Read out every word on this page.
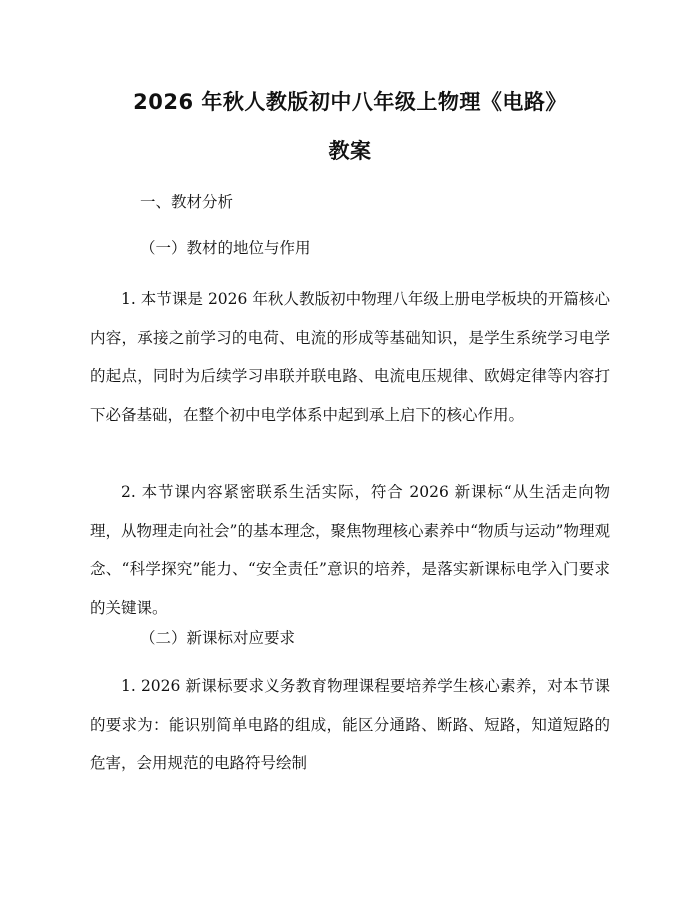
2026 年秋人教版初中八年级上物理《电路》
教案
一、教材分析
（一）教材的地位与作用

1. 本节课是 2026 年秋人教版初中物理八年级上册电学板块的开篇核心内容，承接之前学习的电荷、电流的形成等基础知识，是学生系统学习电学的起点，同时为后续学习串联并联电路、电流电压规律、欧姆定律等内容打下必备基础，在整个初中电学体系中起到承上启下的核心作用。

2. 本节课内容紧密联系生活实际，符合 2026 新课标“从生活走向物理，从物理走向社会”的基本理念，聚焦物理核心素养中“物质与运动”物理观念、“科学探究”能力、“安全责任”意识的培养，是落实新课标电学入门要求的关键课。

（二）新课标对应要求

1. 2026 新课标要求义务教育物理课程要培养学生核心素养，对本节课的要求为：能识别简单电路的组成，能区分通路、断路、短路，知道短路的危害，会用规范的电路符号绘制
